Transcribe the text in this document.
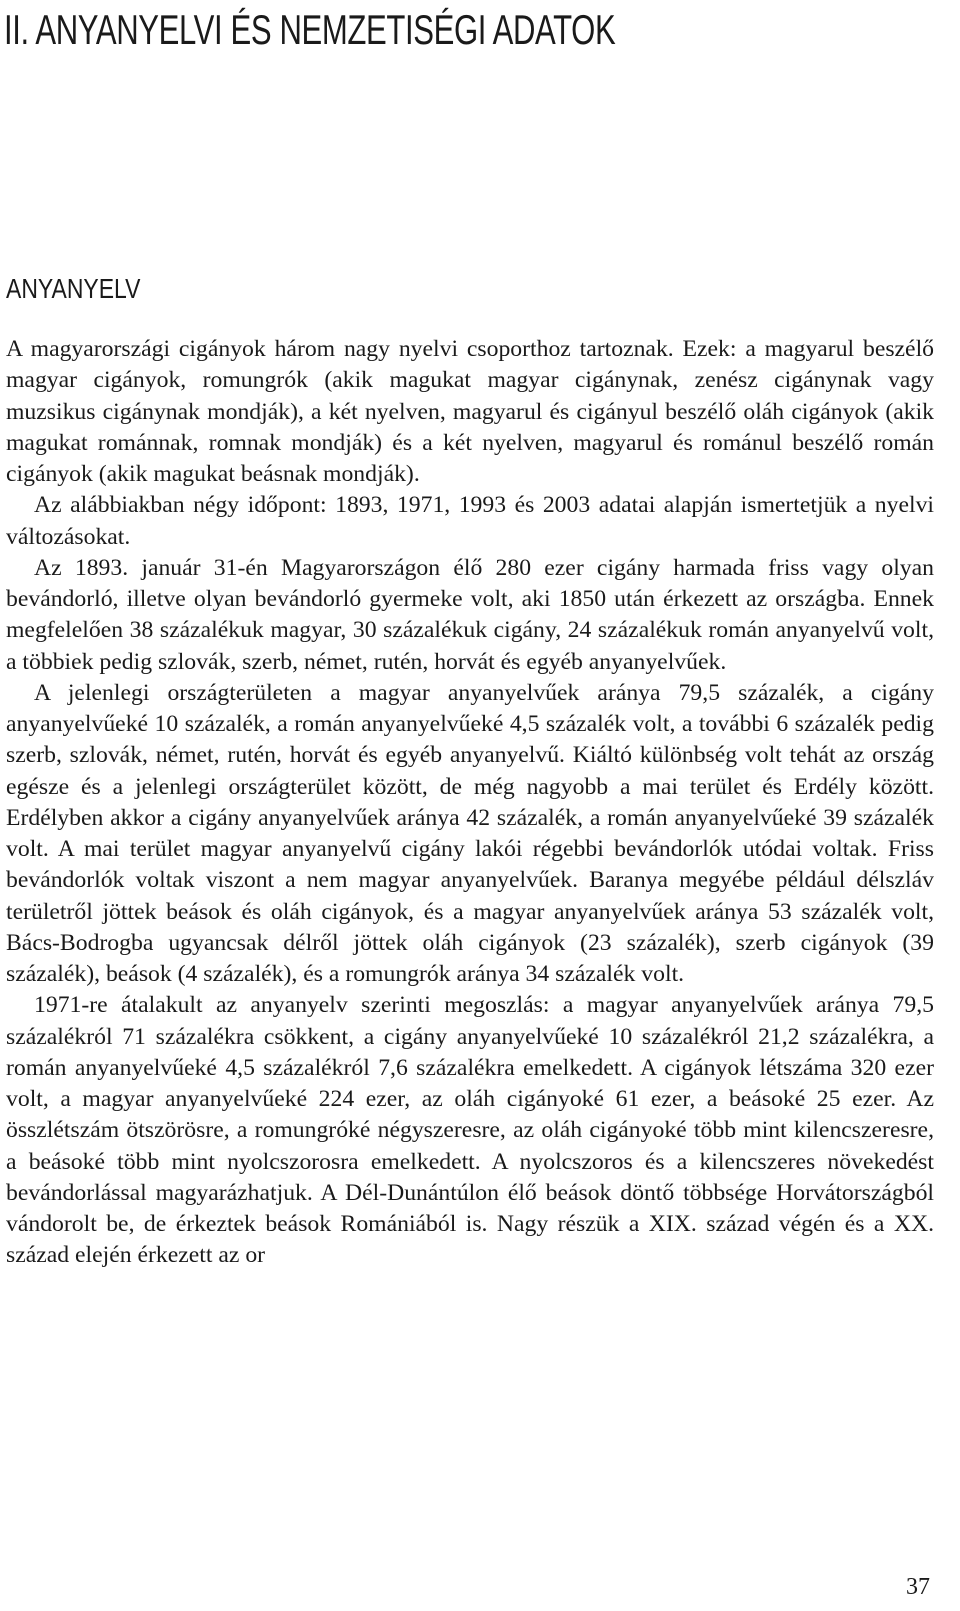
II. ANYANYELVI ÉS NEMZETISÉGI ADATOK
ANYANYELV

A magyarországi cigányok három nagy nyelvi csoporthoz tartoznak. Ezek: a magyarul beszélő magyar cigányok, romungrók (akik magukat magyar cigánynak, zenész cigánynak vagy muzsikus cigánynak mondják), a két nyelven, magyarul és cigányul beszélő oláh cigányok (akik magukat románnak, romnak mondják) és a két nyelven, magyarul és románul beszélő román cigányok (akik magukat beásnak mondják).

Az alábbiakban négy időpont: 1893, 1971, 1993 és 2003 adatai alapján ismertetjük a nyelvi változásokat.

Az 1893. január 31-én Magyarországon élő 280 ezer cigány harmada friss vagy olyan bevándorló, illetve olyan bevándorló gyermeke volt, aki 1850 után érkezett az országba. Ennek megfelelően 38 százalékuk magyar, 30 százalékuk cigány, 24 százalékuk román anyanyelvű volt, a többiek pedig szlovák, szerb, német, rutén, horvát és egyéb anyanyelvűek.

A jelenlegi országterületen a magyar anyanyelvűek aránya 79,5 százalék, a cigány anyanyelvűeké 10 százalék, a román anyanyelvűeké 4,5 százalék volt, a további 6 százalék pedig szerb, szlovák, német, rutén, horvát és egyéb anyanyelvű. Kiáltó különbség volt tehát az ország egésze és a jelenlegi országterület között, de még nagyobb a mai terület és Erdély között. Erdélyben akkor a cigány anyanyelvűek aránya 42 százalék, a román anyanyelvűeké 39 százalék volt. A mai terület magyar anyanyelvű cigány lakói régebbi bevándorlók utódai voltak. Friss bevándorlók voltak viszont a nem magyar anyanyelvűek. Baranya megyébe például délszláv területről jöttek beások és oláh cigányok, és a magyar anyanyelvűek aránya 53 százalék volt, Bács-Bodrogba ugyancsak délről jöttek oláh cigányok (23 százalék), szerb cigányok (39 százalék), beások (4 százalék), és a romungrók aránya 34 százalék volt.

1971-re átalakult az anyanyelv szerinti megoszlás: a magyar anyanyelvűek aránya 79,5 százalékról 71 százalékra csökkent, a cigány anyanyelvűeké 10 százalékról 21,2 százalékra, a román anyanyelvűeké 4,5 százalékról 7,6 százalékra emelkedett. A cigányok létszáma 320 ezer volt, a magyar anyanyelvűeké 224 ezer, az oláh cigányoké 61 ezer, a beásoké 25 ezer. Az összlétszám ötszörösre, a romungróké négyszeresre, az oláh cigányoké több mint kilencszeresre, a beásoké több mint nyolcszorosra emelkedett. A nyolcszoros és a kilencszeres növekedést bevándorlással magyarázhatjuk. A Dél-Dunántúlon élő beások döntő többsége Horvátországból vándorolt be, de érkeztek beások Romániából is. Nagy részük a XIX. század végén és a XX. század elején érkezett az or

37
